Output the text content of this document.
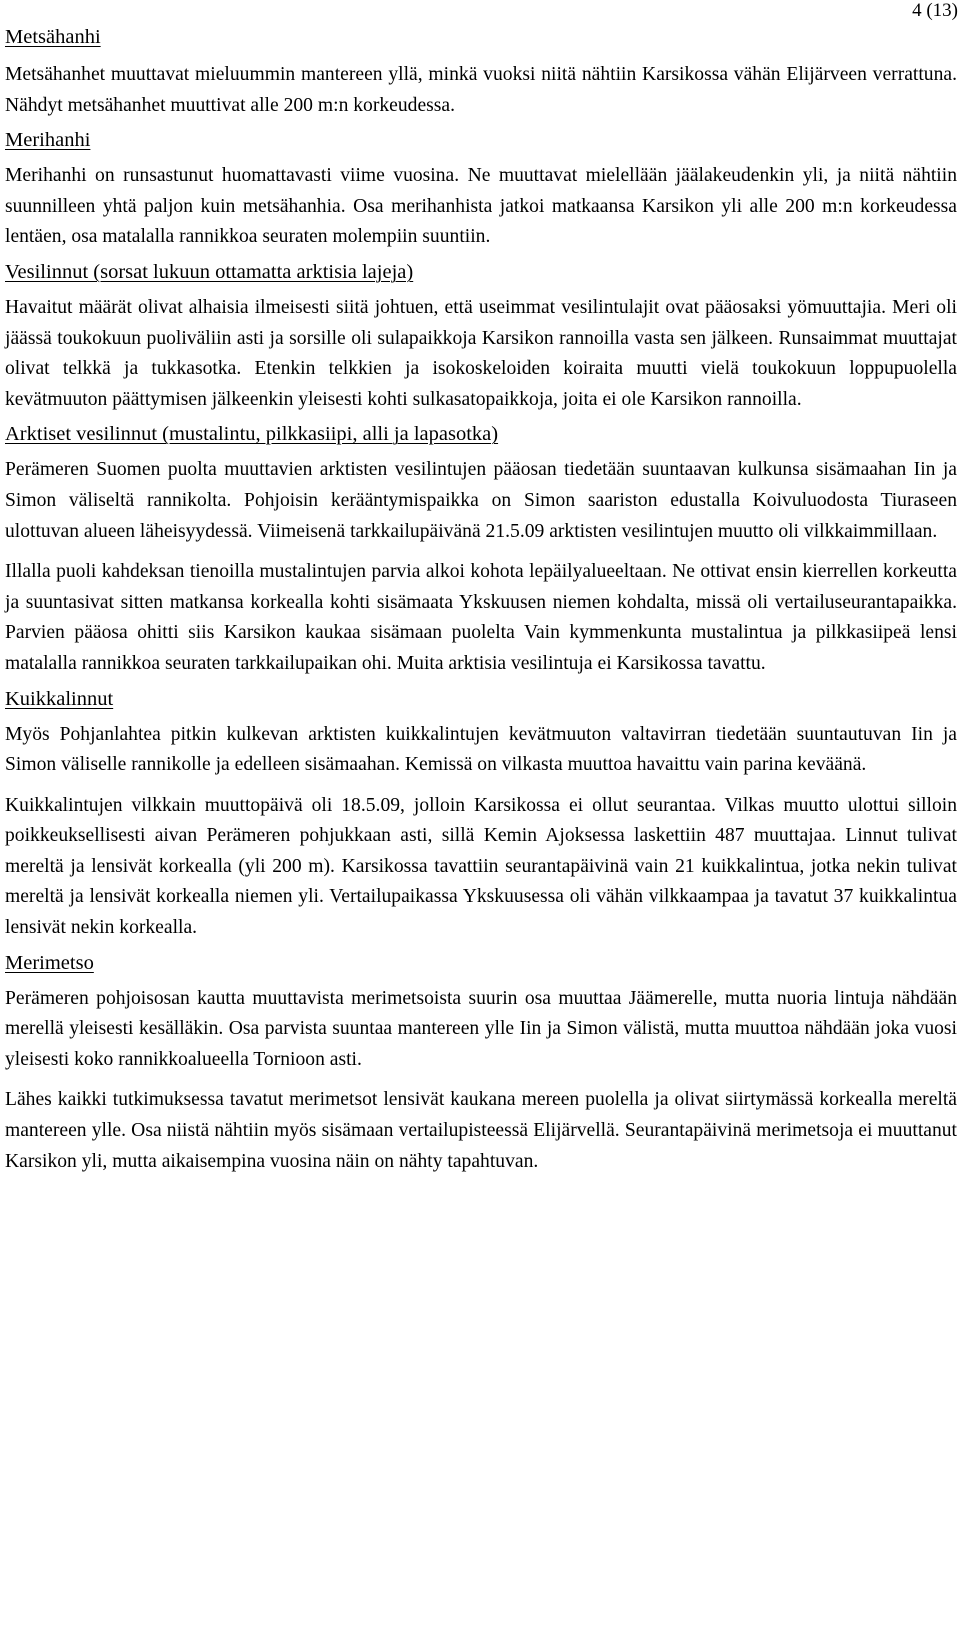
4 (13)
Metsähanhi

Metsähanhet muuttavat mieluummin mantereen yllä, minkä vuoksi niitä nähtiin Karsikossa vähän Elijärveen verrattuna. Nähdyt metsähanhet muuttivat alle 200 m:n korkeudessa.

Merihanhi

Merihanhi on runsastunut huomattavasti viime vuosina. Ne muuttavat mielellään jäälakeudenkin yli, ja niitä nähtiin suunnilleen yhtä paljon kuin metsähanhia. Osa merihanhista jatkoi matkaansa Karsikon yli alle 200 m:n korkeudessa lentäen, osa matalalla rannikkoa seuraten molempiin suuntiin.

Vesilinnut (sorsat lukuun ottamatta arktisia lajeja)

Havaitut määrät olivat alhaisia ilmeisesti siitä johtuen, että useimmat vesilintulajit ovat pääosaksi yömuuttajia. Meri oli jäässä toukokuun puoliväliin asti ja sorsille oli sulapaikkoja Karsikon rannoilla vasta sen jälkeen. Runsaimmat muuttajat olivat telkkä ja tukkasotka. Etenkin telkkien ja isokoskeloiden koiraita muutti vielä toukokuun loppupuolella kevätmuuton päättymisen jälkeenkin yleisesti kohti sulkasatopaikkoja, joita ei ole Karsikon rannoilla.

Arktiset vesilinnut (mustalintu, pilkkasiipi, alli ja lapasotka)

Perämeren Suomen puolta muuttavien arktisten vesilintujen pääosan tiedetään suuntaavan kulkunsa sisämaahan Iin ja Simon väliseltä rannikolta. Pohjoisin kerääntymispaikka on Simon saariston edustalla Koivuluodosta Tiuraseen ulottuvan alueen läheisyydessä. Viimeisenä tarkkailupäivänä 21.5.09 arktisten vesilintujen muutto oli vilkkaimmillaan.

Illalla puoli kahdeksan tienoilla mustalintujen parvia alkoi kohota lepäilyalueeltaan. Ne ottivat ensin kierrellen korkeutta ja suuntasivat sitten matkansa korkealla kohti sisämaata Ykskuusen niemen kohdalta, missä oli vertailuseurantapaikka. Parvien pääosa ohitti siis Karsikon kaukaa sisämaan puolelta Vain kymmenkunta mustalintua ja pilkkasiipeä lensi matalalla rannikkoa seuraten tarkkailupaikan ohi. Muita arktisia vesilintuja ei Karsikossa tavattu.

Kuikkalinnut

Myös Pohjanlahtea pitkin kulkevan arktisten kuikkalintujen kevätmuuton valtavirran tiedetään suuntautuvan Iin ja Simon väliselle rannikolle ja edelleen sisämaahan. Kemissä on vilkasta muuttoa havaittu vain parina keväänä.

Kuikkalintujen vilkkain muuttopäivä oli 18.5.09, jolloin Karsikossa ei ollut seurantaa. Vilkas muutto ulottui silloin poikkeuksellisesti aivan Perämeren pohjukkaan asti, sillä Kemin Ajoksessa laskettiin 487 muuttajaa. Linnut tulivat mereltä ja lensivät korkealla (yli 200 m). Karsikossa tavattiin seurantapäivinä vain 21 kuikkalintua, jotka nekin tulivat mereltä ja lensivät korkealla niemen yli. Vertailupaikassa Ykskuusessa oli vähän vilkkaampaa ja tavatut 37 kuikkalintua lensivät nekin korkealla.

Merimetso

Perämeren pohjoisosan kautta muuttavista merimetsoista suurin osa muuttaa Jäämerelle, mutta nuoria lintuja nähdään merellä yleisesti kesälläkin. Osa parvista suuntaa mantereen ylle Iin ja Simon välistä, mutta muuttoa nähdään joka vuosi yleisesti koko rannikkoalueella Tornioon asti.

Lähes kaikki tutkimuksessa tavatut merimetsot lensivät kaukana mereen puolella ja olivat siirtymässä korkealla mereltä mantereen ylle. Osa niistä nähtiin myös sisämaan vertailupisteessä Elijärvellä. Seurantapäivinä merimetsoja ei muuttanut Karsikon yli, mutta aikaisempina vuosina näin on nähty tapahtuvan.
